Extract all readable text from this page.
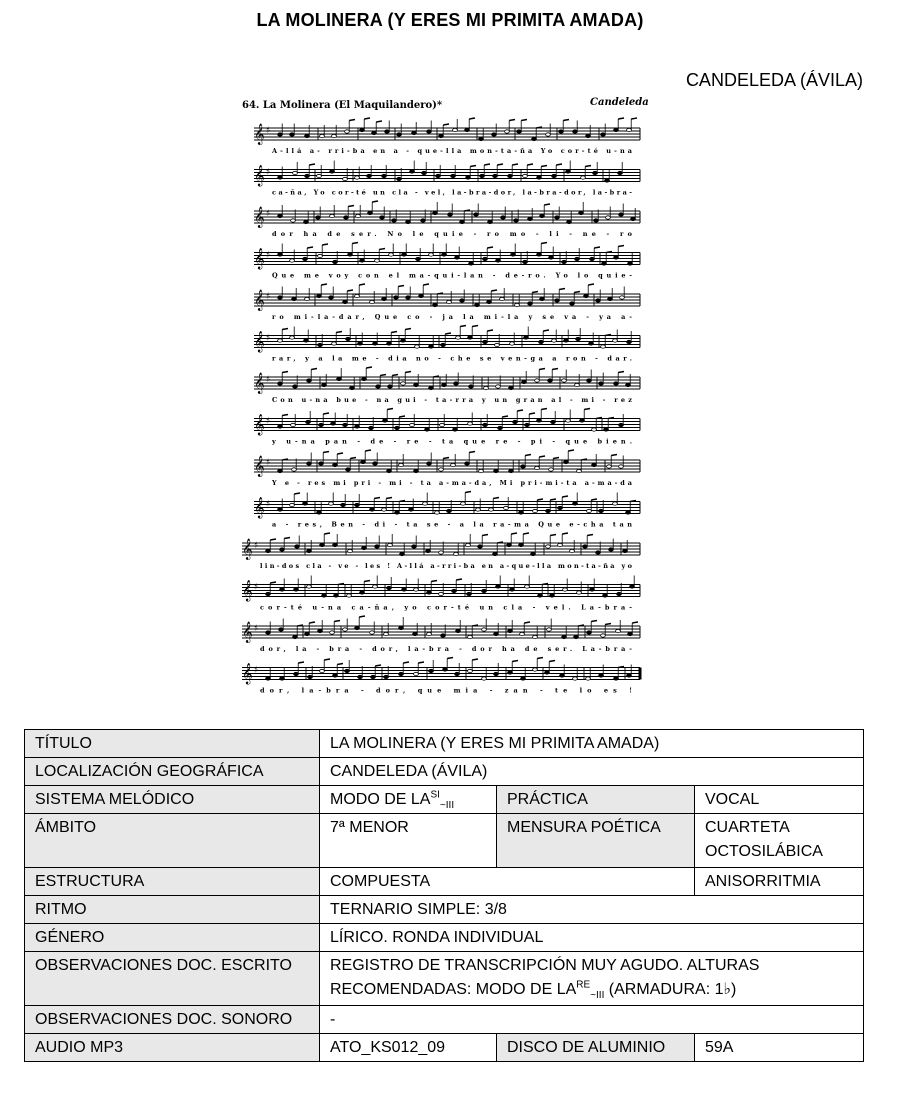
LA MOLINERA (Y ERES MI PRIMITA AMADA)
CANDELEDA (ÁVILA)
64. La Molinera (El Maquilandero)*	Candeleda
𝄞 ♯
A-llá a- rri-ba en a - que-lla mon-ta-ña Yo cor-té u-na
𝄞 ♯
ca-ña, Yo cor-té un cla - vel, la-bra-dor, la-bra-dor, la-bra-
𝄞 ♯
dor ha de ser. No le quie - ro mo - li - ne - ro
𝄞 ♯
Que me voy con el ma-qui-lan - de-ro. Yo lo quie-
𝄞 ♯
ro mi-la-dar, Que co - ja la mi-la y se va - ya a-
𝄞 ♯
rar, y a la me - dia no - che se ven-ga a ron - dar.
𝄞 ♯
Con u-na bue - na gui - ta-rra y un gran al - mi - rez
𝄞 ♯
y u-na pan - de - re - ta que re - pi - que bien.
𝄞 ♯
Y e - res mi pri - mi - ta a-ma-da, Mi pri-mi-ta a-ma-da
𝄞 ♯
a - res, Ben - di - ta se - a la ra-ma Que e-cha tan
𝄞 ♯
lin-dos cla - ve - les ! A-llá a-rri-ba en a-que-lla mon-ta-ña yo
𝄞 ♯
cor-té u-na ca-ña, yo cor-té un cla - vel. La-bra-
𝄞 ♯
dor, la - bra - dor, la-bra - dor ha de ser. La-bra-
𝄞 ♯
dor, la-bra - dor, que mia - zan - te lo es !
TÍTULO	LA MOLINERA (Y ERES MI PRIMITA AMADA)		
LOCALIZACIÓN GEOGRÁFICA	CANDELEDA (ÁVILA)		
SISTEMA MELÓDICO	MODO DE $LA^{SI}_{\sim III}$	PRÁCTICA	VOCAL
ÁMBITO	7ª MENOR	MENSURA POÉTICA	CUARTETA OCTOSILÁBICA
ESTRUCTURA	COMPUESTA		ANISORRITMIA
RITMO	TERNARIO SIMPLE: 3/8		
GÉNERO	LÍRICO. RONDA INDIVIDUAL		
OBSERVACIONES DOC. ESCRITO	REGISTRO DE TRANSCRIPCIÓN MUY AGUDO. ALTURAS
RECOMENDADAS: MODO DE $LA^{RE}_{\sim III}$ (ARMADURA: 1♭)		
OBSERVACIONES DOC. SONORO	-		
AUDIO MP3	ATO_KS012_09	DISCO DE ALUMINIO	59A
